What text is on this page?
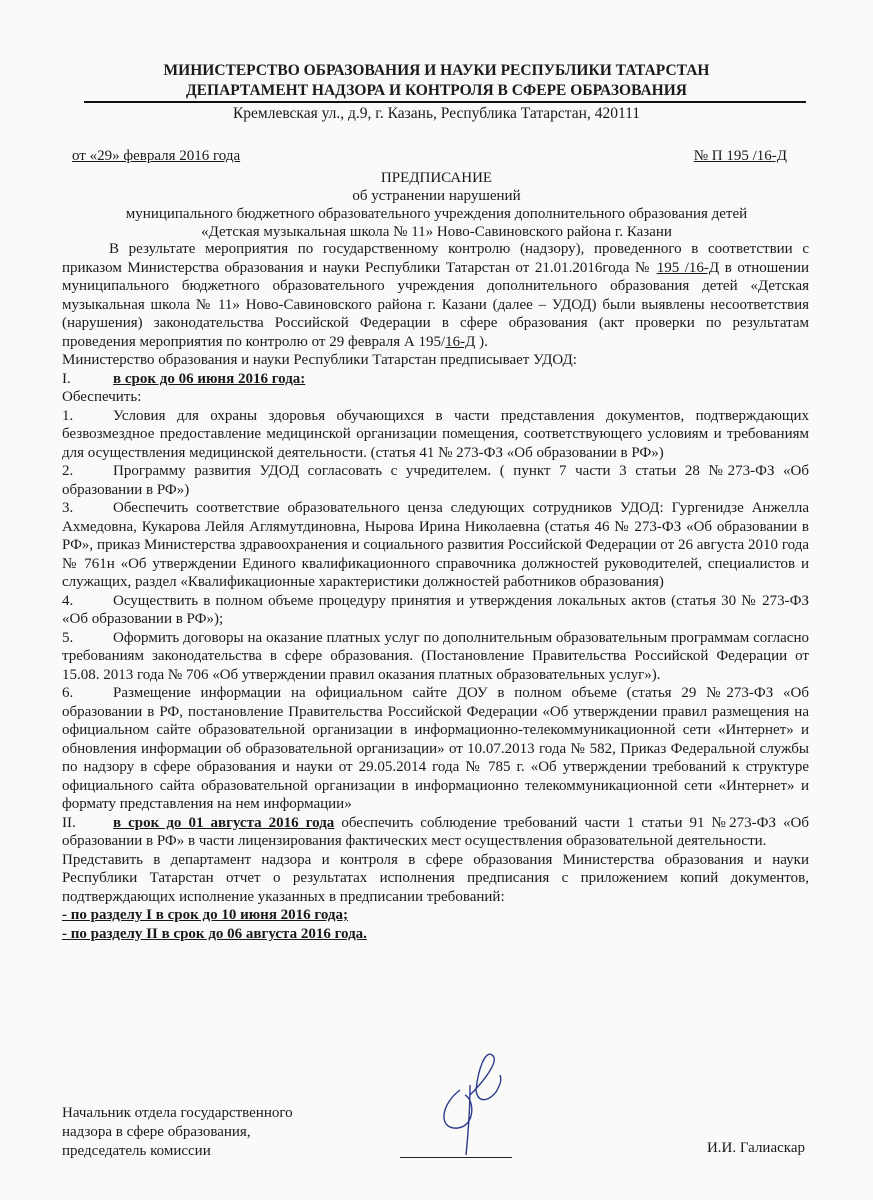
МИНИСТЕРСТВО ОБРАЗОВАНИЯ И НАУКИ РЕСПУБЛИКИ ТАТАРСТАН
ДЕПАРТАМЕНТ НАДЗОРА И КОНТРОЛЯ В СФЕРЕ ОБРАЗОВАНИЯ
Кремлевская ул., д.9, г. Казань, Республика Татарстан, 420111
от «29» февраля 2016 года	№ П 195 /16-Д
ПРЕДПИСАНИЕ
об устранении нарушений
муниципального бюджетного образовательного учреждения дополнительного образования детей
«Детская музыкальная школа № 11» Ново-Савиновского района г. Казани

В результате мероприятия по государственному контролю (надзору), проведенного в соответствии с приказом Министерства образования и науки Республики Татарстан от 21.01.2016года № 195 /16-Д в отношении муниципального бюджетного образовательного учреждения дополнительного образования детей «Детская музыкальная школа № 11» Ново-Савиновского района г. Казани (далее – УДОД) были выявлены несоответствия (нарушения) законодательства Российской Федерации в сфере образования (акт проверки по результатам проведения мероприятия по контролю от 29 февраля А 195/16-Д ).

Министерство образования и науки Республики Татарстан предписывает УДОД:

I.	в срок до 06 июня 2016 года:

Обеспечить:

1.	Условия для охраны здоровья обучающихся в части представления документов, подтверждающих безвозмездное предоставление медицинской организации помещения, соответствующего условиям и требованиям для осуществления медицинской деятельности. (статья 41 № 273-ФЗ «Об образовании в РФ»)

2.	Программу развития УДОД согласовать с учредителем. ( пункт 7 части 3 статьи 28 №273-ФЗ «Об образовании в РФ»)

3.	Обеспечить соответствие образовательного ценза следующих сотрудников УДОД: Гургенидзе Анжелла Ахмедовна, Кукарова Лейля Аглямутдиновна, Нырова Ирина Николаевна (статья 46 № 273-ФЗ «Об образовании в РФ», приказ Министерства здравоохранения и социального развития Российской Федерации от 26 августа 2010 года № 761н «Об утверждении Единого квалификационного справочника должностей руководителей, специалистов и служащих, раздел «Квалификационные характеристики должностей работников образования)

4.	Осуществить в полном объеме процедуру принятия и утверждения локальных актов (статья 30 № 273-ФЗ «Об образовании в РФ»);

5.	Оформить договоры на оказание платных услуг по дополнительным образовательным программам согласно требованиям законодательства в сфере образования. (Постановление Правительства Российской Федерации от 15.08. 2013 года № 706 «Об утверждении правил оказания платных образовательных услуг»).

6.	Размещение информации на официальном сайте ДОУ в полном объеме (статья 29 №273-ФЗ «Об образовании в РФ, постановление Правительства Российской Федерации «Об утверждении правил размещения на официальном сайте образовательной организации в информационно-телекоммуникационной сети «Интернет» и обновления информации об образовательной организации» от 10.07.2013 года № 582, Приказ Федеральной службы по надзору в сфере образования и науки от 29.05.2014 года № 785 г. «Об утверждении требований к структуре официального сайта образовательной организации в информационно телекоммуникационной сети «Интернет» и формату представления на нем информации»

II. в срок до 01 августа 2016 года обеспечить соблюдение требований части 1 статьи 91 №273-ФЗ «Об образовании в РФ» в части лицензирования фактических мест осуществления образовательной деятельности.

Представить в департамент надзора и контроля в сфере образования Министерства образования и науки Республики Татарстан отчет о результатах исполнения предписания с приложением копий документов, подтверждающих исполнение указанных в предписании требований:

- по разделу I в срок до 10 июня 2016 года;

- по разделу II в срок до 06 августа 2016 года.

Начальник отдела государственного
надзора в сфере образования,
председатель комиссии	И.И. Галиаскар
